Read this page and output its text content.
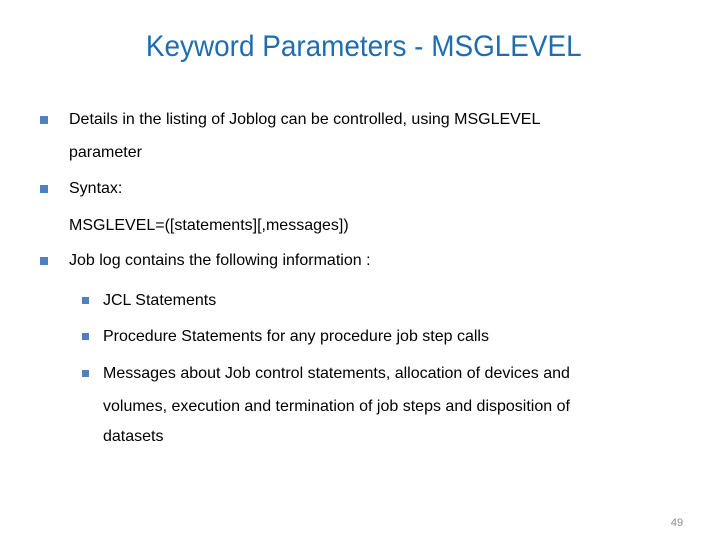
Keyword Parameters - MSGLEVEL
Details in the listing of Joblog can be controlled, using MSGLEVEL
parameter
Syntax:
MSGLEVEL=([statements][,messages])
Job log contains the following information :
JCL Statements
Procedure Statements for any procedure job step calls
Messages about Job control statements, allocation of devices and
volumes, execution and termination of job steps and disposition of
datasets
49
